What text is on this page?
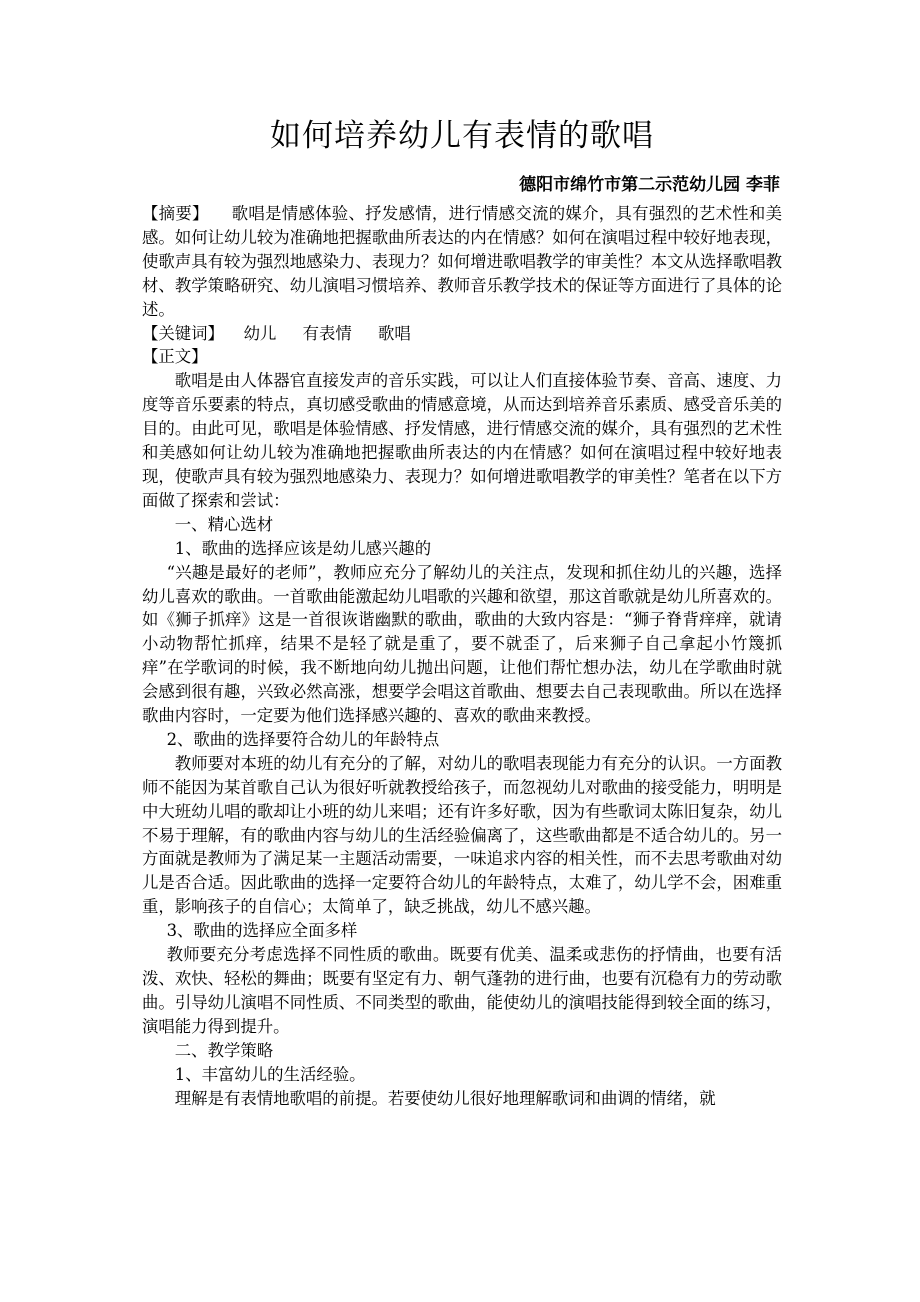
如何培养幼儿有表情的歌唱
德阳市绵竹市第二示范幼儿园 李菲

【摘要】 歌唱是情感体验、抒发感情，进行情感交流的媒介，具有强烈的艺术性和美感。如何让幼儿较为准确地把握歌曲所表达的内在情感？如何在演唱过程中较好地表现，使歌声具有较为强烈地感染力、表现力？如何增进歌唱教学的审美性？本文从选择歌唱教材、教学策略研究、幼儿演唱习惯培养、教师音乐教学技术的保证等方面进行了具体的论述。

【关键词】 幼儿 有表情 歌唱

【正文】

歌唱是由人体器官直接发声的音乐实践，可以让人们直接体验节奏、音高、速度、力度等音乐要素的特点，真切感受歌曲的情感意境，从而达到培养音乐素质、感受音乐美的目的。由此可见，歌唱是体验情感、抒发情感，进行情感交流的媒介，具有强烈的艺术性和美感如何让幼儿较为准确地把握歌曲所表达的内在情感？如何在演唱过程中较好地表现，使歌声具有较为强烈地感染力、表现力？如何增进歌唱教学的审美性？笔者在以下方面做了探索和尝试：

一、精心选材

1、歌曲的选择应该是幼儿感兴趣的

“兴趣是最好的老师”，教师应充分了解幼儿的关注点，发现和抓住幼儿的兴趣，选择幼儿喜欢的歌曲。一首歌曲能激起幼儿唱歌的兴趣和欲望，那这首歌就是幼儿所喜欢的。如《狮子抓痒》这是一首很诙谐幽默的歌曲，歌曲的大致内容是：“狮子脊背痒痒，就请小动物帮忙抓痒，结果不是轻了就是重了，要不就歪了，后来狮子自己拿起小竹篾抓痒”在学歌词的时候，我不断地向幼儿抛出问题，让他们帮忙想办法，幼儿在学歌曲时就会感到很有趣，兴致必然高涨，想要学会唱这首歌曲、想要去自己表现歌曲。所以在选择歌曲内容时，一定要为他们选择感兴趣的、喜欢的歌曲来教授。

2、歌曲的选择要符合幼儿的年龄特点

教师要对本班的幼儿有充分的了解，对幼儿的歌唱表现能力有充分的认识。一方面教师不能因为某首歌自己认为很好听就教授给孩子，而忽视幼儿对歌曲的接受能力，明明是中大班幼儿唱的歌却让小班的幼儿来唱；还有许多好歌，因为有些歌词太陈旧复杂，幼儿不易于理解，有的歌曲内容与幼儿的生活经验偏离了，这些歌曲都是不适合幼儿的。另一方面就是教师为了满足某一主题活动需要，一味追求内容的相关性，而不去思考歌曲对幼儿是否合适。因此歌曲的选择一定要符合幼儿的年龄特点，太难了，幼儿学不会，困难重重，影响孩子的自信心；太简单了，缺乏挑战，幼儿不感兴趣。

3、歌曲的选择应全面多样

教师要充分考虑选择不同性质的歌曲。既要有优美、温柔或悲伤的抒情曲，也要有活泼、欢快、轻松的舞曲；既要有坚定有力、朝气蓬勃的进行曲，也要有沉稳有力的劳动歌曲。引导幼儿演唱不同性质、不同类型的歌曲，能使幼儿的演唱技能得到较全面的练习，演唱能力得到提升。

二、教学策略

1、丰富幼儿的生活经验。

理解是有表情地歌唱的前提。若要使幼儿很好地理解歌词和曲调的情绪，就
